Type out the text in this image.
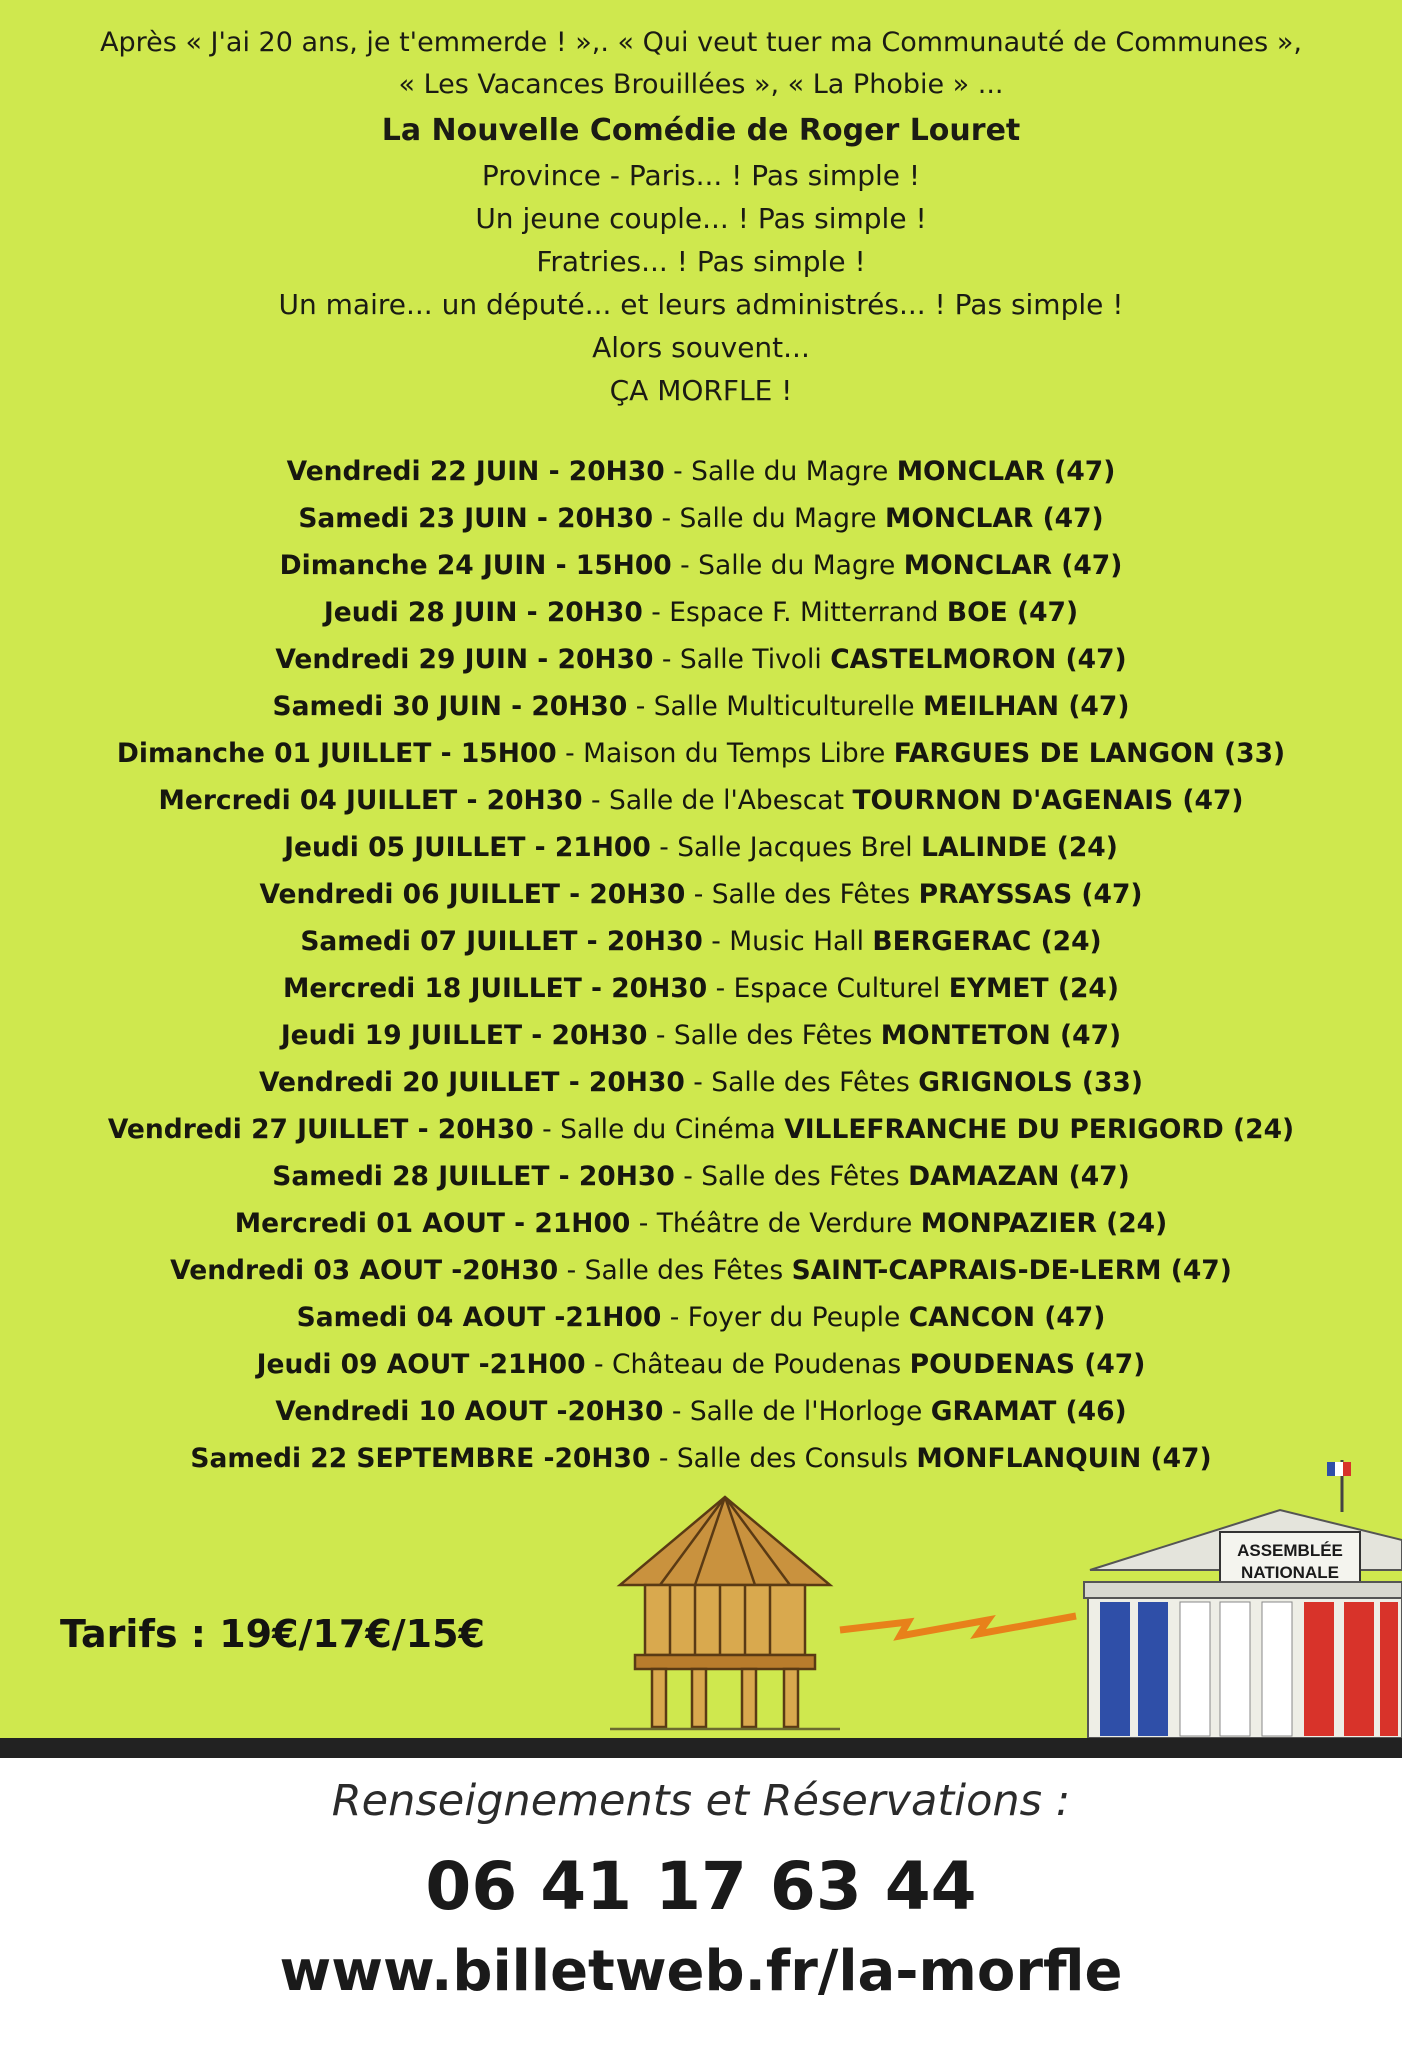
Après « J'ai 20 ans, je t'emmerde ! »,. « Qui veut tuer ma Communauté de Communes »,
« Les Vacances Brouillées », « La Phobie » ...
La Nouvelle Comédie de Roger Louret
Province - Paris... ! Pas simple !
Un jeune couple... ! Pas simple !
Fratries... ! Pas simple !
Un maire... un député... et leurs administrés... ! Pas simple !
Alors souvent...
ÇA MORFLE !
Vendredi 22 JUIN - 20H30 - Salle du Magre MONCLAR (47)
Samedi 23 JUIN - 20H30 - Salle du Magre MONCLAR (47)
Dimanche 24 JUIN - 15H00 - Salle du Magre MONCLAR (47)
Jeudi 28 JUIN - 20H30 - Espace F. Mitterrand BOE (47)
Vendredi 29 JUIN - 20H30 - Salle Tivoli CASTELMORON (47)
Samedi 30 JUIN - 20H30 - Salle Multiculturelle MEILHAN (47)
Dimanche 01 JUILLET - 15H00 - Maison du Temps Libre FARGUES DE LANGON (33)
Mercredi 04 JUILLET - 20H30 - Salle de l'Abescat TOURNON D'AGENAIS (47)
Jeudi 05 JUILLET - 21H00 - Salle Jacques Brel LALINDE (24)
Vendredi 06 JUILLET - 20H30 - Salle des Fêtes PRAYSSAS (47)
Samedi 07 JUILLET - 20H30 - Music Hall BERGERAC (24)
Mercredi 18 JUILLET - 20H30 - Espace Culturel EYMET (24)
Jeudi 19 JUILLET - 20H30 - Salle des Fêtes MONTETON (47)
Vendredi 20 JUILLET - 20H30 - Salle des Fêtes GRIGNOLS (33)
Vendredi 27 JUILLET - 20H30 - Salle du Cinéma VILLEFRANCHE DU PERIGORD (24)
Samedi 28 JUILLET - 20H30 - Salle des Fêtes DAMAZAN (47)
Mercredi 01 AOUT - 21H00 - Théâtre de Verdure MONPAZIER (24)
Vendredi 03 AOUT -20H30 - Salle des Fêtes SAINT-CAPRAIS-DE-LERM (47)
Samedi 04 AOUT -21H00 - Foyer du Peuple CANCON (47)
Jeudi 09 AOUT -21H00 - Château de Poudenas POUDENAS (47)
Vendredi 10 AOUT -20H30 - Salle de l'Horloge GRAMAT (46)
Samedi 22 SEPTEMBRE -20H30 - Salle des Consuls MONFLANQUIN (47)
Tarifs : 19€/17€/15€
ASSEMBLÉE
NATIONALE
Renseignements et Réservations :
06 41 17 63 44
www.billetweb.fr/la-morfle
